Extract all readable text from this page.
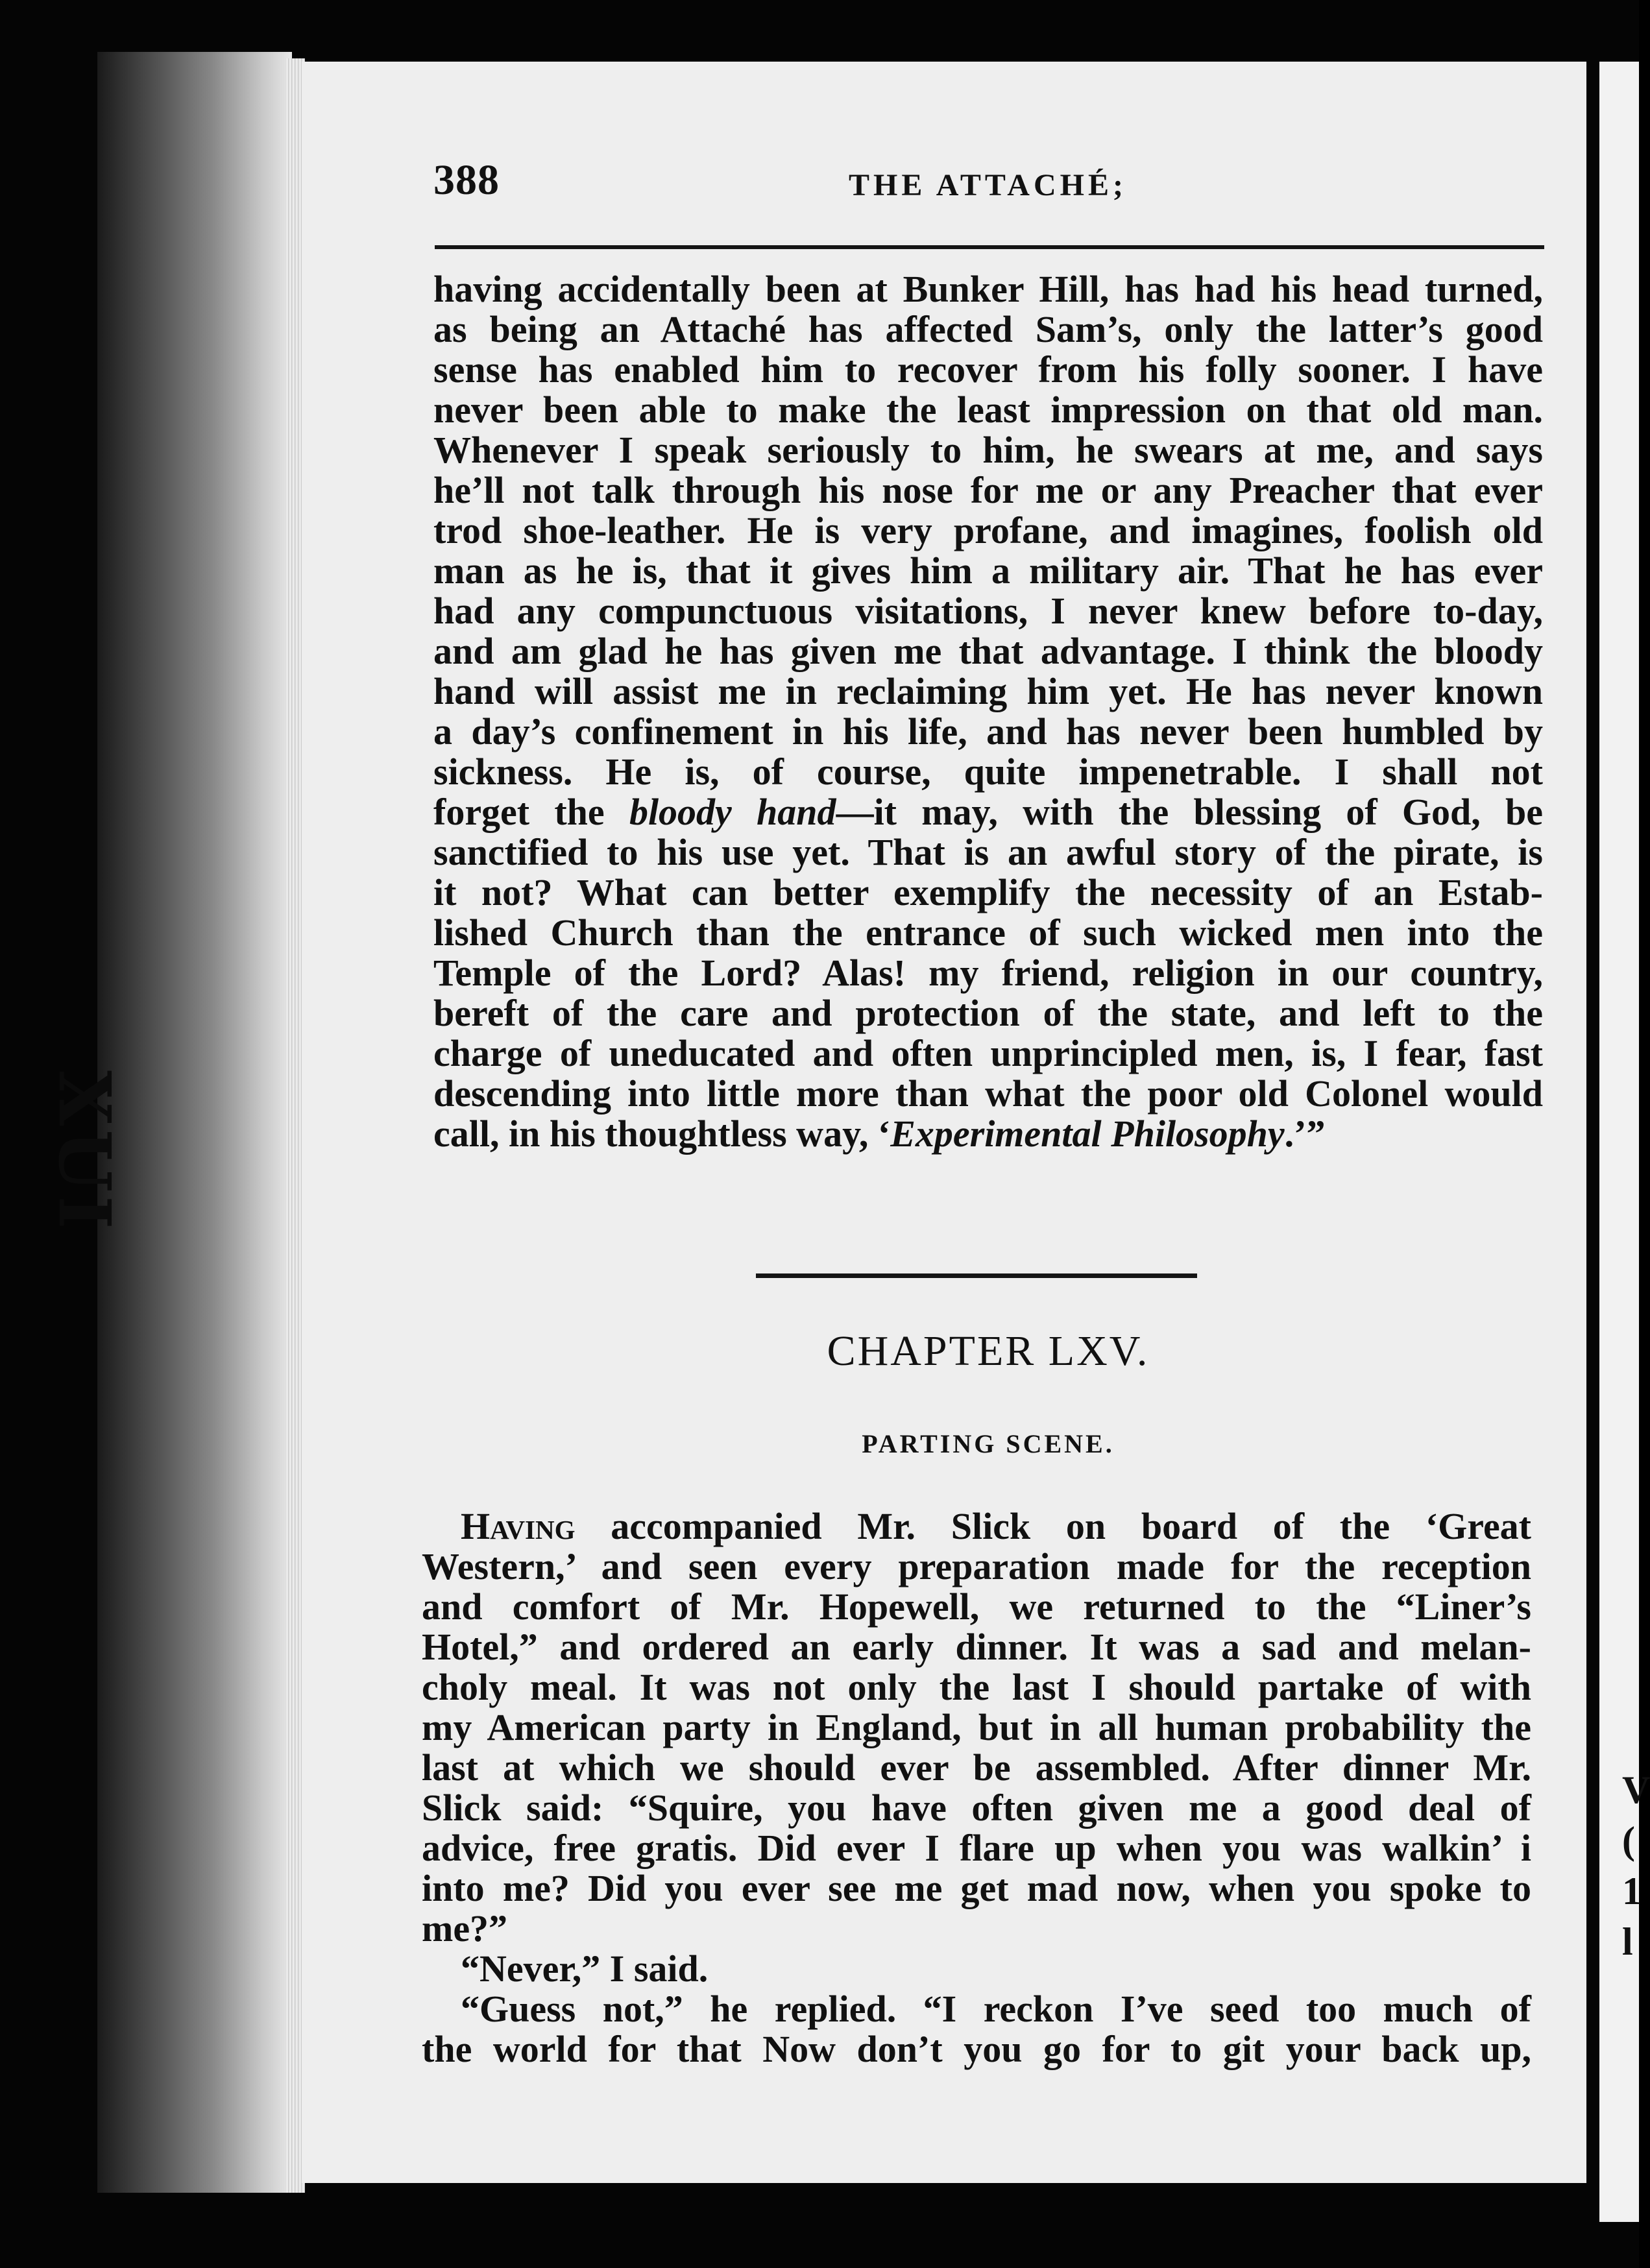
XUI
V
(
1
l
388	THE ATTACHÉ;
having accidentally been at Bunker Hill, has had his head turned,
as being an Attaché has affected Sam’s, only the latter’s good
sense has enabled him to recover from his folly sooner. I have
never been able to make the least impression on that old man.
Whenever I speak seriously to him, he swears at me, and says
he’ll not talk through his nose for me or any Preacher that ever
trod shoe-leather. He is very profane, and imagines, foolish old
man as he is, that it gives him a military air. That he has ever
had any compunctuous visitations, I never knew before to-day,
and am glad he has given me that advantage. I think the bloody
hand will assist me in reclaiming him yet. He has never known
a day’s confinement in his life, and has never been humbled by
sickness. He is, of course, quite impenetrable. I shall not
forget the bloody hand—it may, with the blessing of God, be
sanctified to his use yet. That is an awful story of the pirate, is
it not? What can better exemplify the necessity of an Estab-
lished Church than the entrance of such wicked men into the
Temple of the Lord? Alas! my friend, religion in our country,
bereft of the care and protection of the state, and left to the
charge of uneducated and often unprincipled men, is, I fear, fast
descending into little more than what the poor old Colonel would
call, in his thoughtless way, ‘Experimental Philosophy.’”
CHAPTER LXV.
PARTING SCENE.
Having accompanied Mr. Slick on board of the ‘Great
Western,’ and seen every preparation made for the reception
and comfort of Mr. Hopewell, we returned to the “Liner’s
Hotel,” and ordered an early dinner. It was a sad and melan-
choly meal. It was not only the last I should partake of with
my American party in England, but in all human probability the
last at which we should ever be assembled. After dinner Mr.
Slick said: “Squire, you have often given me a good deal of
advice, free gratis. Did ever I flare up when you was walkin’ i
into me? Did you ever see me get mad now, when you spoke to
me?”
“Never,” I said.
“Guess not,” he replied. “I reckon I’ve seed too much of
the world for that Now don’t you go for to git your back up,
